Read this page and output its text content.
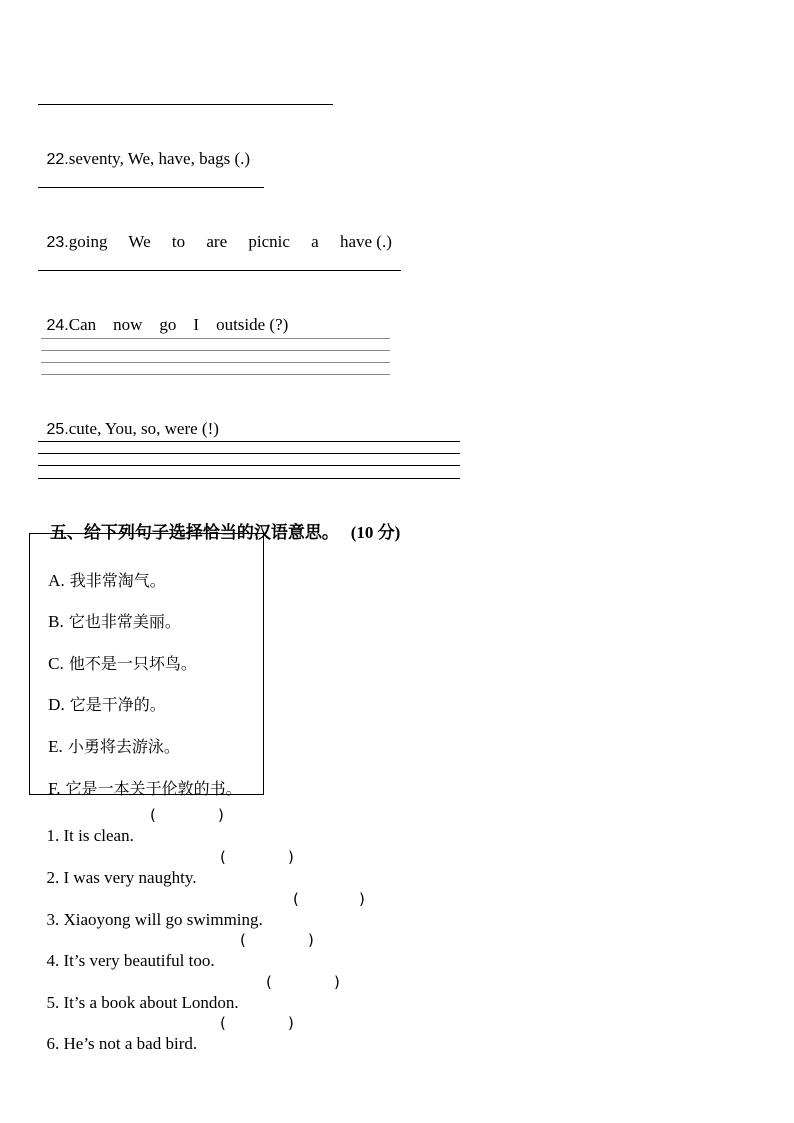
22.seventy, We, have, bags (.)

23.going     We     to     are     picnic     a     have (.)

24.Can    now    go    I    outside (?)

25.cute, You, so, were (!)

五、给下列句子选择恰当的汉语意思。 (10 分)

A. 我非常淘气。

B. 它也非常美丽。

C. 他不是一只坏鸟。

D. 它是干净的。

E. 小勇将去游泳。

F. 它是一本关于伦敦的书。

1. It is clean.

(	)

2. I was very naughty.

(	)

3. Xiaoyong will go swimming.

(	)

4. It’s very beautiful too.

(	)

5. It’s a book about London.

(	)

6. He’s not a bad bird.

(	)
